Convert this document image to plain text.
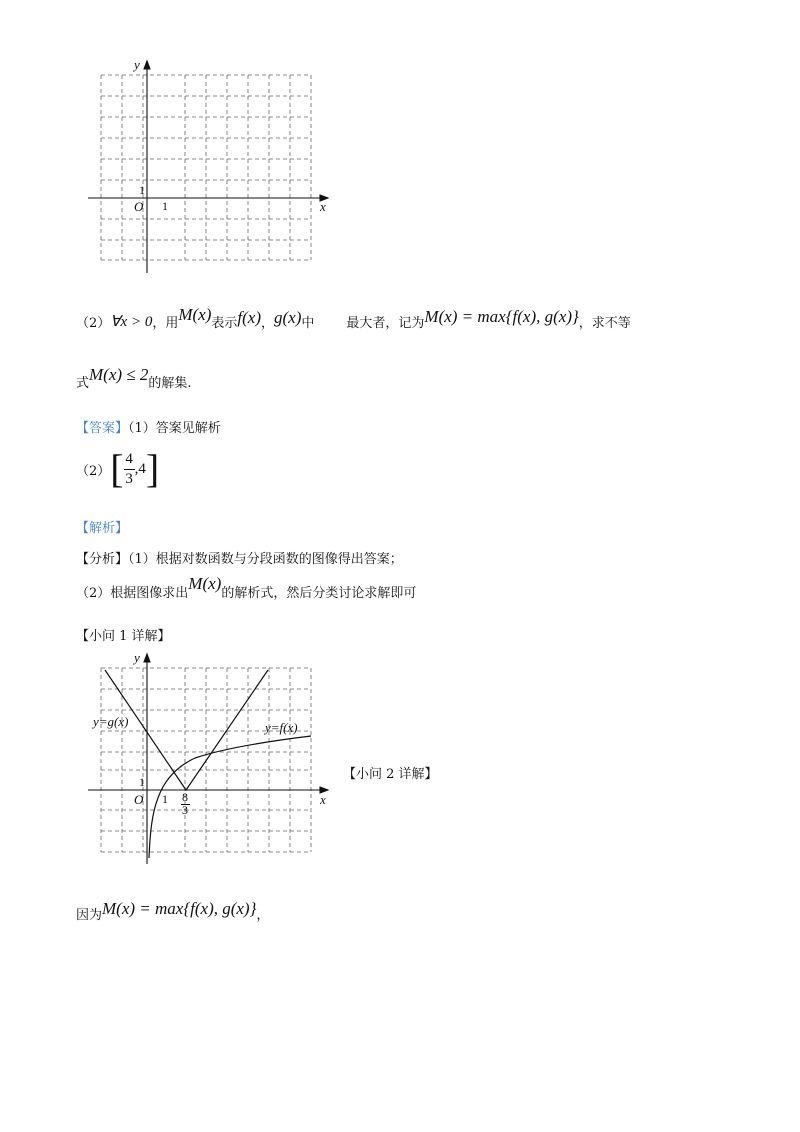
y
x
O 1
1
（2） ∀x > 0 ，用 M(x) 表示 f(x) ， g(x) 中 最大者，记为 M(x) = max{f(x), g(x)} ，求不等
式 M(x) ≤ 2 的解集.
【答案】（1）答案见解析
（2） [ $\frac{4}{3} ,4$ ]
【解析】
【分析】（1）根据对数函数与分段函数的图像得出答案；
（2）根据图像求出 M(x) 的解析式，然后分类讨论求解即可
【小问 1 详解】
y
x
O 1
1
8
3
y=g(x)	y=f(x)
【小问 2 详解】
因为 M(x) = max{f(x), g(x)} ，
